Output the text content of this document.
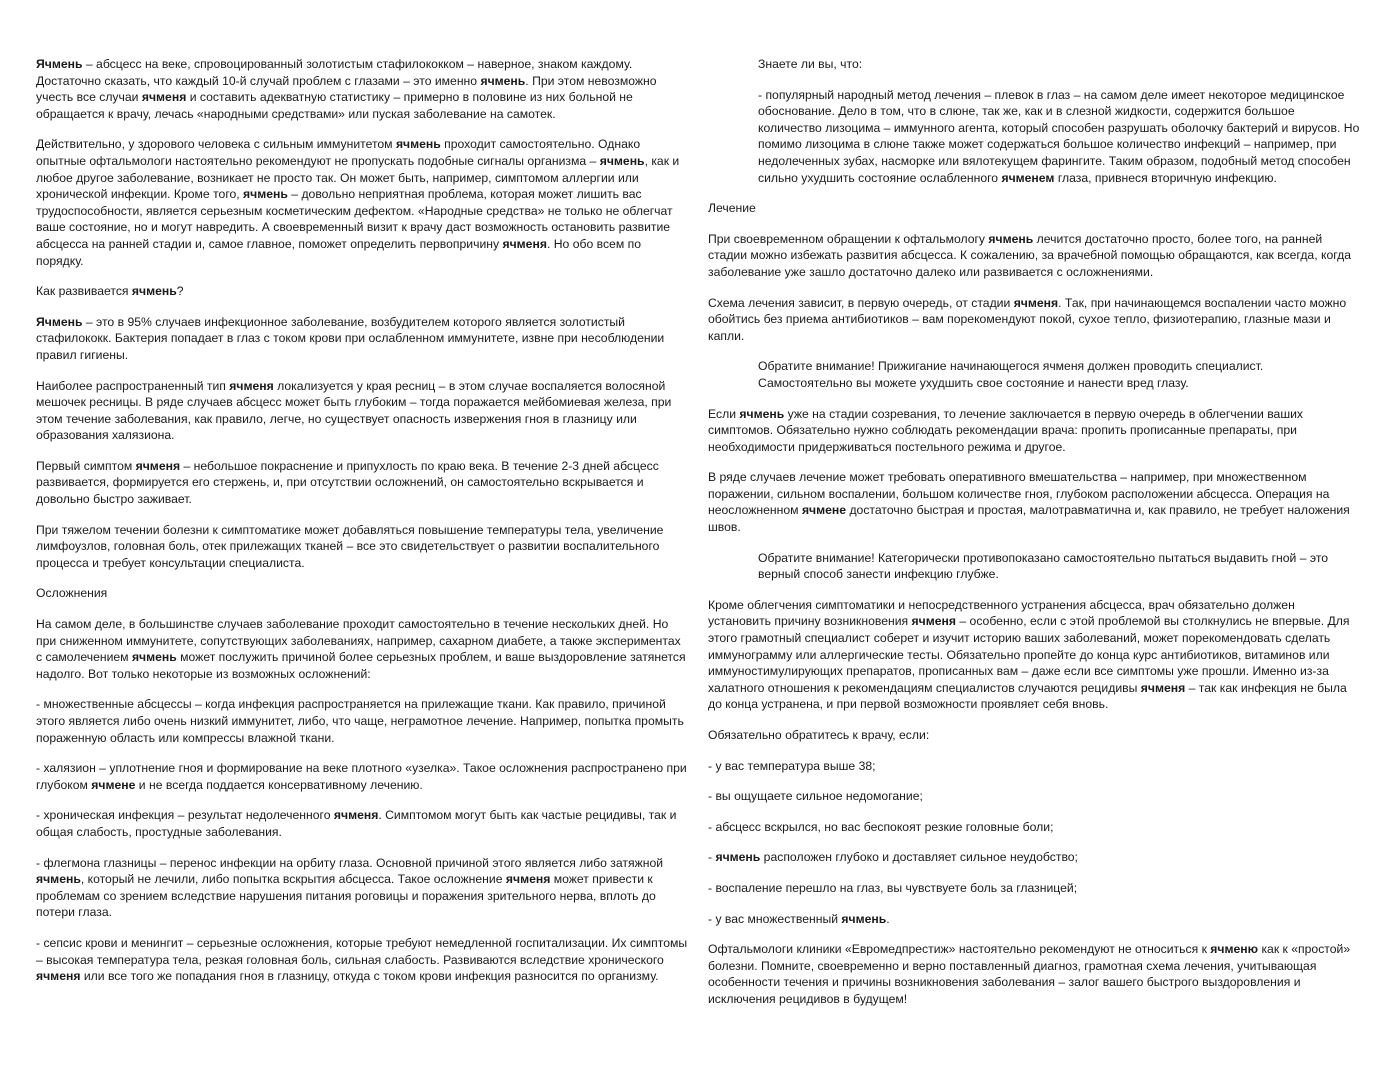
Ячмень – абсцесс на веке, спровоцированный золотистым стафилококком – наверное, знаком каждому. Достаточно сказать, что каждый 10-й случай проблем с глазами – это именно ячмень. При этом невозможно учесть все случаи ячменя и составить адекватную статистику – примерно в половине из них больной не обращается к врачу, лечась «народными средствами» или пуская заболевание на самотек.

Действительно, у здорового человека с сильным иммунитетом ячмень проходит самостоятельно. Однако опытные офтальмологи настоятельно рекомендуют не пропускать подобные сигналы организма – ячмень, как и любое другое заболевание, возникает не просто так. Он может быть, например, симптомом аллергии или хронической инфекции. Кроме того, ячмень – довольно неприятная проблема, которая может лишить вас трудоспособности, является серьезным косметическим дефектом. «Народные средства» не только не облегчат ваше состояние, но и могут навредить. А своевременный визит к врачу даст возможность остановить развитие абсцесса на ранней стадии и, самое главное, поможет определить первопричину ячменя. Но обо всем по порядку.

Как развивается ячмень?

Ячмень – это в 95% случаев инфекционное заболевание, возбудителем которого является золотистый стафилококк. Бактерия попадает в глаз с током крови при ослабленном иммунитете, извне при несоблюдении правил гигиены.

Наиболее распространенный тип ячменя локализуется у края ресниц – в этом случае воспаляется волосяной мешочек ресницы. В ряде случаев абсцесс может быть глубоким – тогда поражается мейбомиевая железа, при этом течение заболевания, как правило, легче, но существует опасность извержения гноя в глазницу или образования халязиона.

Первый симптом ячменя – небольшое покраснение и припухлость по краю века. В течение 2-3 дней абсцесс развивается, формируется его стержень, и, при отсутствии осложнений, он самостоятельно вскрывается и довольно быстро заживает.

При тяжелом течении болезни к симптоматике может добавляться повышение температуры тела, увеличение лимфоузлов, головная боль, отек прилежащих тканей – все это свидетельствует о развитии воспалительного процесса и требует консультации специалиста.

Осложнения

На самом деле, в большинстве случаев заболевание проходит самостоятельно в течение нескольких дней. Но при сниженном иммунитете, сопутствующих заболеваниях, например, сахарном диабете, а также экспериментах с самолечением ячмень может послужить причиной более серьезных проблем, и ваше выздоровление затянется надолго. Вот только некоторые из возможных осложнений:

- множественные абсцессы – когда инфекция распространяется на прилежащие ткани. Как правило, причиной этого является либо очень низкий иммунитет, либо, что чаще, неграмотное лечение. Например, попытка промыть пораженную область или компрессы влажной ткани.

- халязион – уплотнение гноя и формирование на веке плотного «узелка». Такое осложнения распространено при глубоком ячмене и не всегда поддается консервативному лечению.

- хроническая инфекция – результат недолеченного ячменя. Симптомом могут быть как частые рецидивы, так и общая слабость, простудные заболевания.

- флегмона глазницы – перенос инфекции на орбиту глаза. Основной причиной этого является либо затяжной ячмень, который не лечили, либо попытка вскрытия абсцесса. Такое осложнение ячменя может привести к проблемам со зрением вследствие нарушения питания роговицы и поражения зрительного нерва, вплоть до потери глаза.

- сепсис крови и менингит – серьезные осложнения, которые требуют немедленной госпитализации. Их симптомы – высокая температура тела, резкая головная боль, сильная слабость. Развиваются вследствие хронического ячменя или все того же попадания гноя в глазницу, откуда с током крови инфекция разносится по организму.

Знаете ли вы, что:

- популярный народный метод лечения – плевок в глаз – на самом деле имеет некоторое медицинское обоснование. Дело в том, что в слюне, так же, как и в слезной жидкости, содержится большое количество лизоцима – иммунного агента, который способен разрушать оболочку бактерий и вирусов. Но помимо лизоцима в слюне также может содержаться большое количество инфекций – например, при недолеченных зубах, насморке или вялотекущем фарингите. Таким образом, подобный метод способен сильно ухудшить состояние ослабленного ячменем глаза, привнеся вторичную инфекцию.

Лечение

При своевременном обращении к офтальмологу ячмень лечится достаточно просто, более того, на ранней стадии можно избежать развития абсцесса. К сожалению, за врачебной помощью обращаются, как всегда, когда заболевание уже зашло достаточно далеко или развивается с осложнениями.

Схема лечения зависит, в первую очередь, от стадии ячменя. Так, при начинающемся воспалении часто можно обойтись без приема антибиотиков – вам порекомендуют покой, сухое тепло, физиотерапию, глазные мази и капли.

Обратите внимание! Прижигание начинающегося ячменя должен проводить специалист. Самостоятельно вы можете ухудшить свое состояние и нанести вред глазу.

Если ячмень уже на стадии созревания, то лечение заключается в первую очередь в облегчении ваших симптомов. Обязательно нужно соблюдать рекомендации врача: пропить прописанные препараты, при необходимости придерживаться постельного режима и другое.

В ряде случаев лечение может требовать оперативного вмешательства – например, при множественном поражении, сильном воспалении, большом количестве гноя, глубоком расположении абсцесса. Операция на неосложненном ячмене достаточно быстрая и простая, малотравматична и, как правило, не требует наложения швов.

Обратите внимание! Категорически противопоказано самостоятельно пытаться выдавить гной – это верный способ занести инфекцию глубже.

Кроме облегчения симптоматики и непосредственного устранения абсцесса, врач обязательно должен установить причину возникновения ячменя – особенно, если с этой проблемой вы столкнулись не впервые. Для этого грамотный специалист соберет и изучит историю ваших заболеваний, может порекомендовать сделать иммунограмму или аллергические тесты. Обязательно пропейте до конца курс антибиотиков, витаминов или иммуностимулирующих препаратов, прописанных вам – даже если все симптомы уже прошли. Именно из-за халатного отношения к рекомендациям специалистов случаются рецидивы ячменя – так как инфекция не была до конца устранена, и при первой возможности проявляет себя вновь.

Обязательно обратитесь к врачу, если:

- у вас температура выше 38;

- вы ощущаете сильное недомогание;

- абсцесс вскрылся, но вас беспокоят резкие головные боли;

- ячмень расположен глубоко и доставляет сильное неудобство;

- воспаление перешло на глаз, вы чувствуете боль за глазницей;

- у вас множественный ячмень.

Офтальмологи клиники «Евромедпрестиж» настоятельно рекомендуют не относиться к ячменю как к «простой» болезни. Помните, своевременно и верно поставленный диагноз, грамотная схема лечения, учитывающая особенности течения и причины возникновения заболевания – залог вашего быстрого выздоровления и исключения рецидивов в будущем!
